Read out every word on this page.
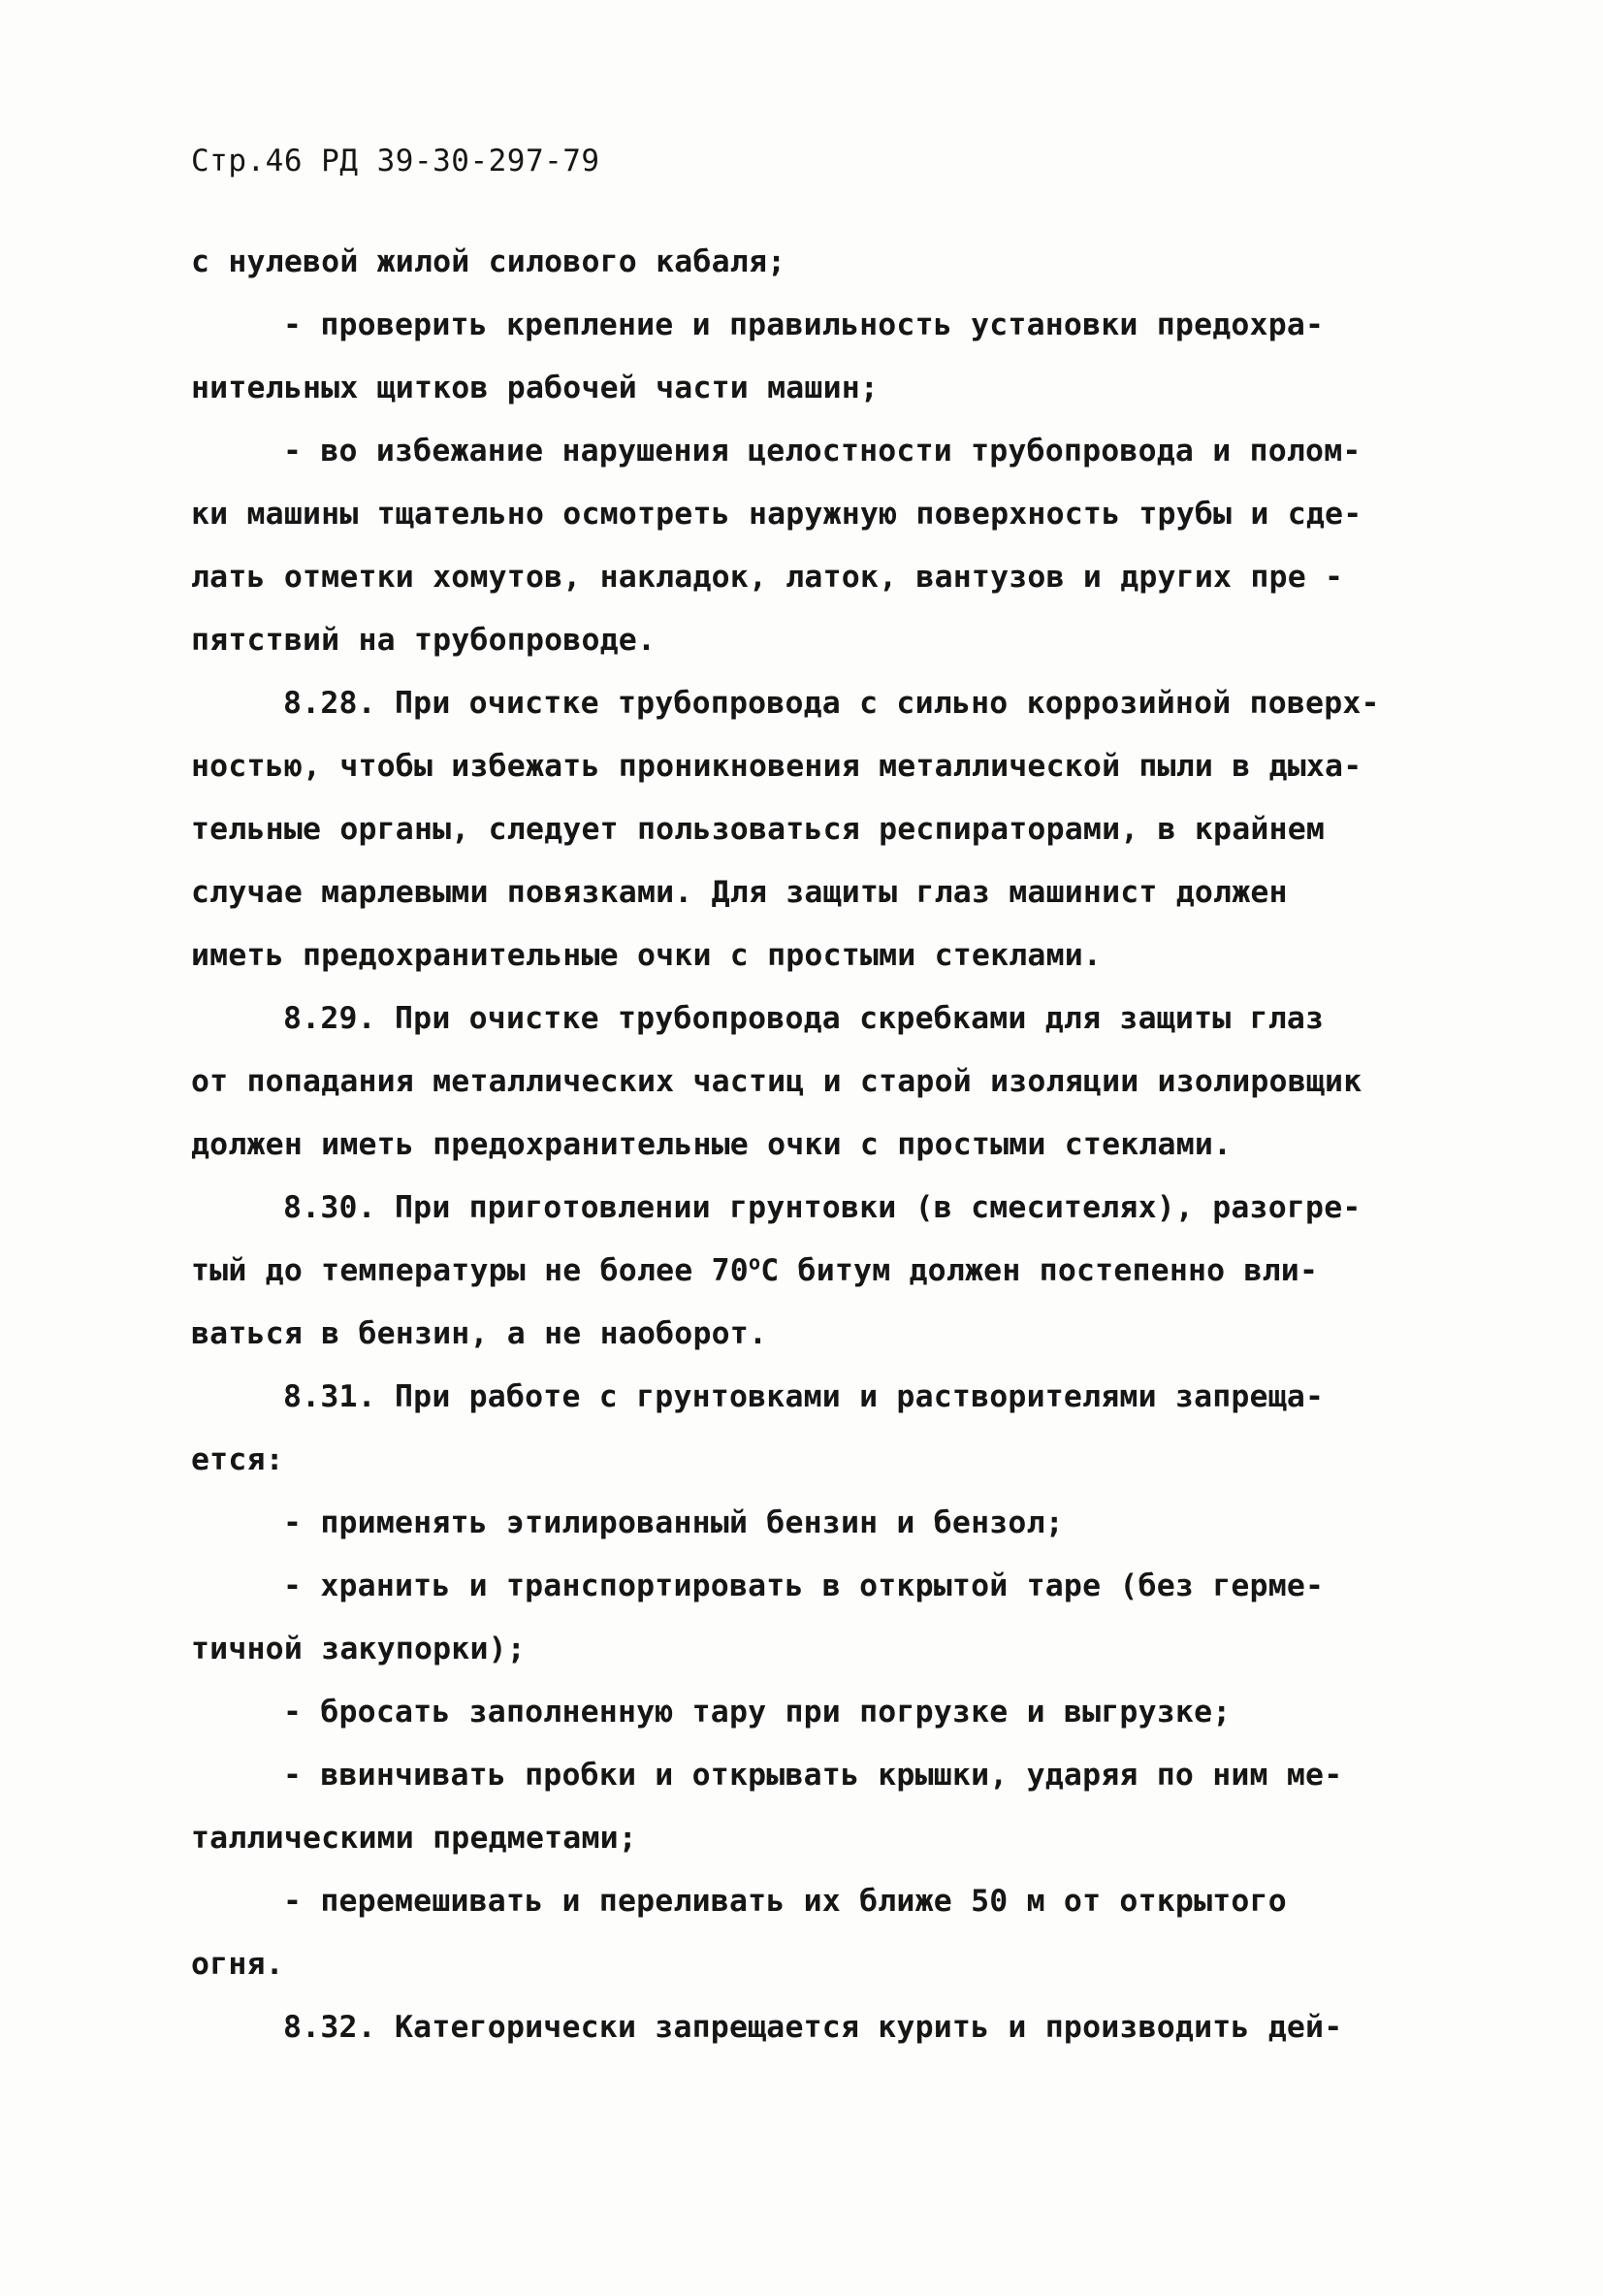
Стр.46 РД 39-30-297-79
с нулевой жилой силового кабаля;
- проверить крепление и правильность установки предохра-
нительных щитков рабочей части машин;
- во избежание нарушения целостности трубопровода и полом-
ки машины тщательно осмотреть наружную поверхность трубы и сде-
лать отметки хомутов, накладок, латок, вантузов и других пре -
пятствий на трубопроводе.
8.28. При очистке трубопровода с сильно коррозийной поверх-
ностью, чтобы избежать проникновения металлической пыли в дыха-
тельные органы, следует пользоваться респираторами, в крайнем
случае марлевыми повязками. Для защиты глаз машинист должен
иметь предохранительные очки с простыми стеклами.
8.29. При очистке трубопровода скребками для защиты глаз
от попадания металлических частиц и старой изоляции изолировщик
должен иметь предохранительные очки с простыми стеклами.
8.30. При приготовлении грунтовки (в смесителях), разогре-
тый до температуры не более $70^оС$ битум должен постепенно вли-
ваться в бензин, а не наоборот.
8.31. При работе с грунтовками и растворителями запреща-
ется:
- применять этилированный бензин и бензол;
- хранить и транспортировать в открытой таре (без герме-
тичной закупорки);
- бросать заполненную тару при погрузке и выгрузке;
- ввинчивать пробки и открывать крышки, ударяя по ним ме-
таллическими предметами;
- перемешивать и переливать их ближе 50 м от открытого
огня.
8.32. Категорически запрещается курить и производить дей-
